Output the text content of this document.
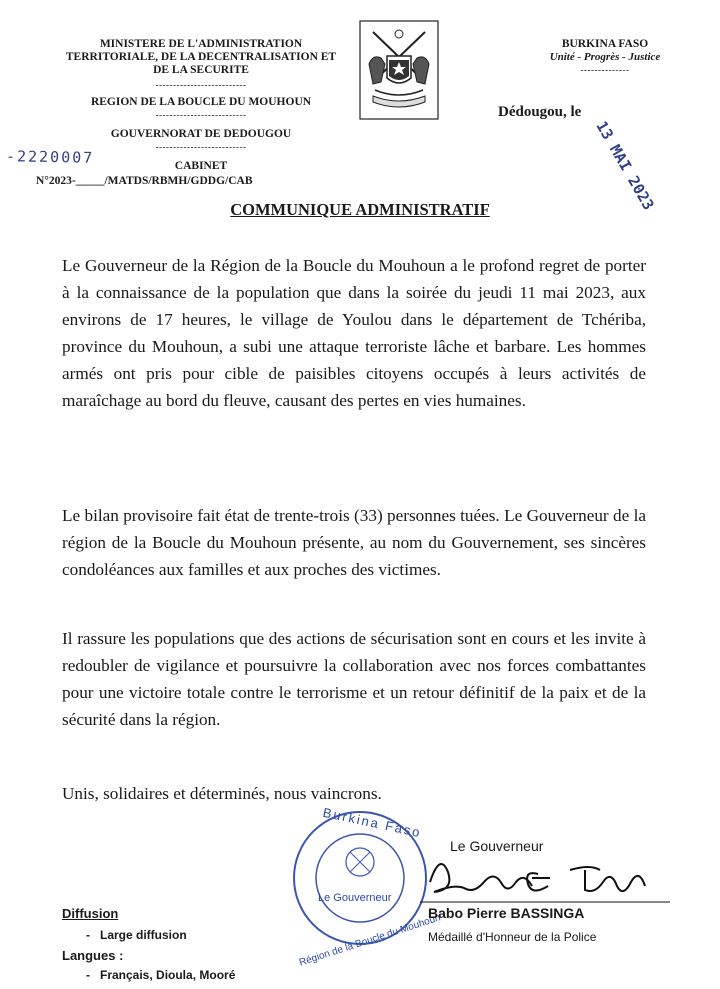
MINISTERE DE L'ADMINISTRATION
TERRITORIALE, DE LA DECENTRALISATION ET
DE LA SECURITE
--------------------------
REGION DE LA BOUCLE DU MOUHOUN
--------------------------
GOUVERNORAT DE DEDOUGOU
--------------------------
CABINET
-2220007
N°2023-_____/MATDS/RBMH/GDDG/CAB
BURKINA FASO
Unité - Progrès - Justice
--------------
Dédougou, le
13 MAI 2023
COMMUNIQUE ADMINISTRATIF
Le Gouverneur de la Région de la Boucle du Mouhoun a le profond regret de porter à la connaissance de la population que dans la soirée du jeudi 11 mai 2023, aux environs de 17 heures, le village de Youlou dans le département de Tchériba, province du Mouhoun, a subi une attaque terroriste lâche et barbare. Les hommes armés ont pris pour cible de paisibles citoyens occupés à leurs activités de maraîchage au bord du fleuve, causant des pertes en vies humaines.
Le bilan provisoire fait état de trente-trois (33) personnes tuées. Le Gouverneur de la région de la Boucle du Mouhoun présente, au nom du Gouvernement, ses sincères condoléances aux familles et aux proches des victimes.
Il rassure les populations que des actions de sécurisation sont en cours et les invite à redoubler de vigilance et poursuivre la collaboration avec nos forces combattantes pour une victoire totale contre le terrorisme et un retour définitif de la paix et de la sécurité dans la région.
Unis, solidaires et déterminés, nous vaincrons.
Burkina Faso
Le Gouverneur
Région de la Boucle du Mouhoun
Le Gouverneur
Babo Pierre BASSINGA
Médaillé d'Honneur de la Police
Diffusion
-   Large diffusion
Langues :
-   Français, Dioula, Mooré
